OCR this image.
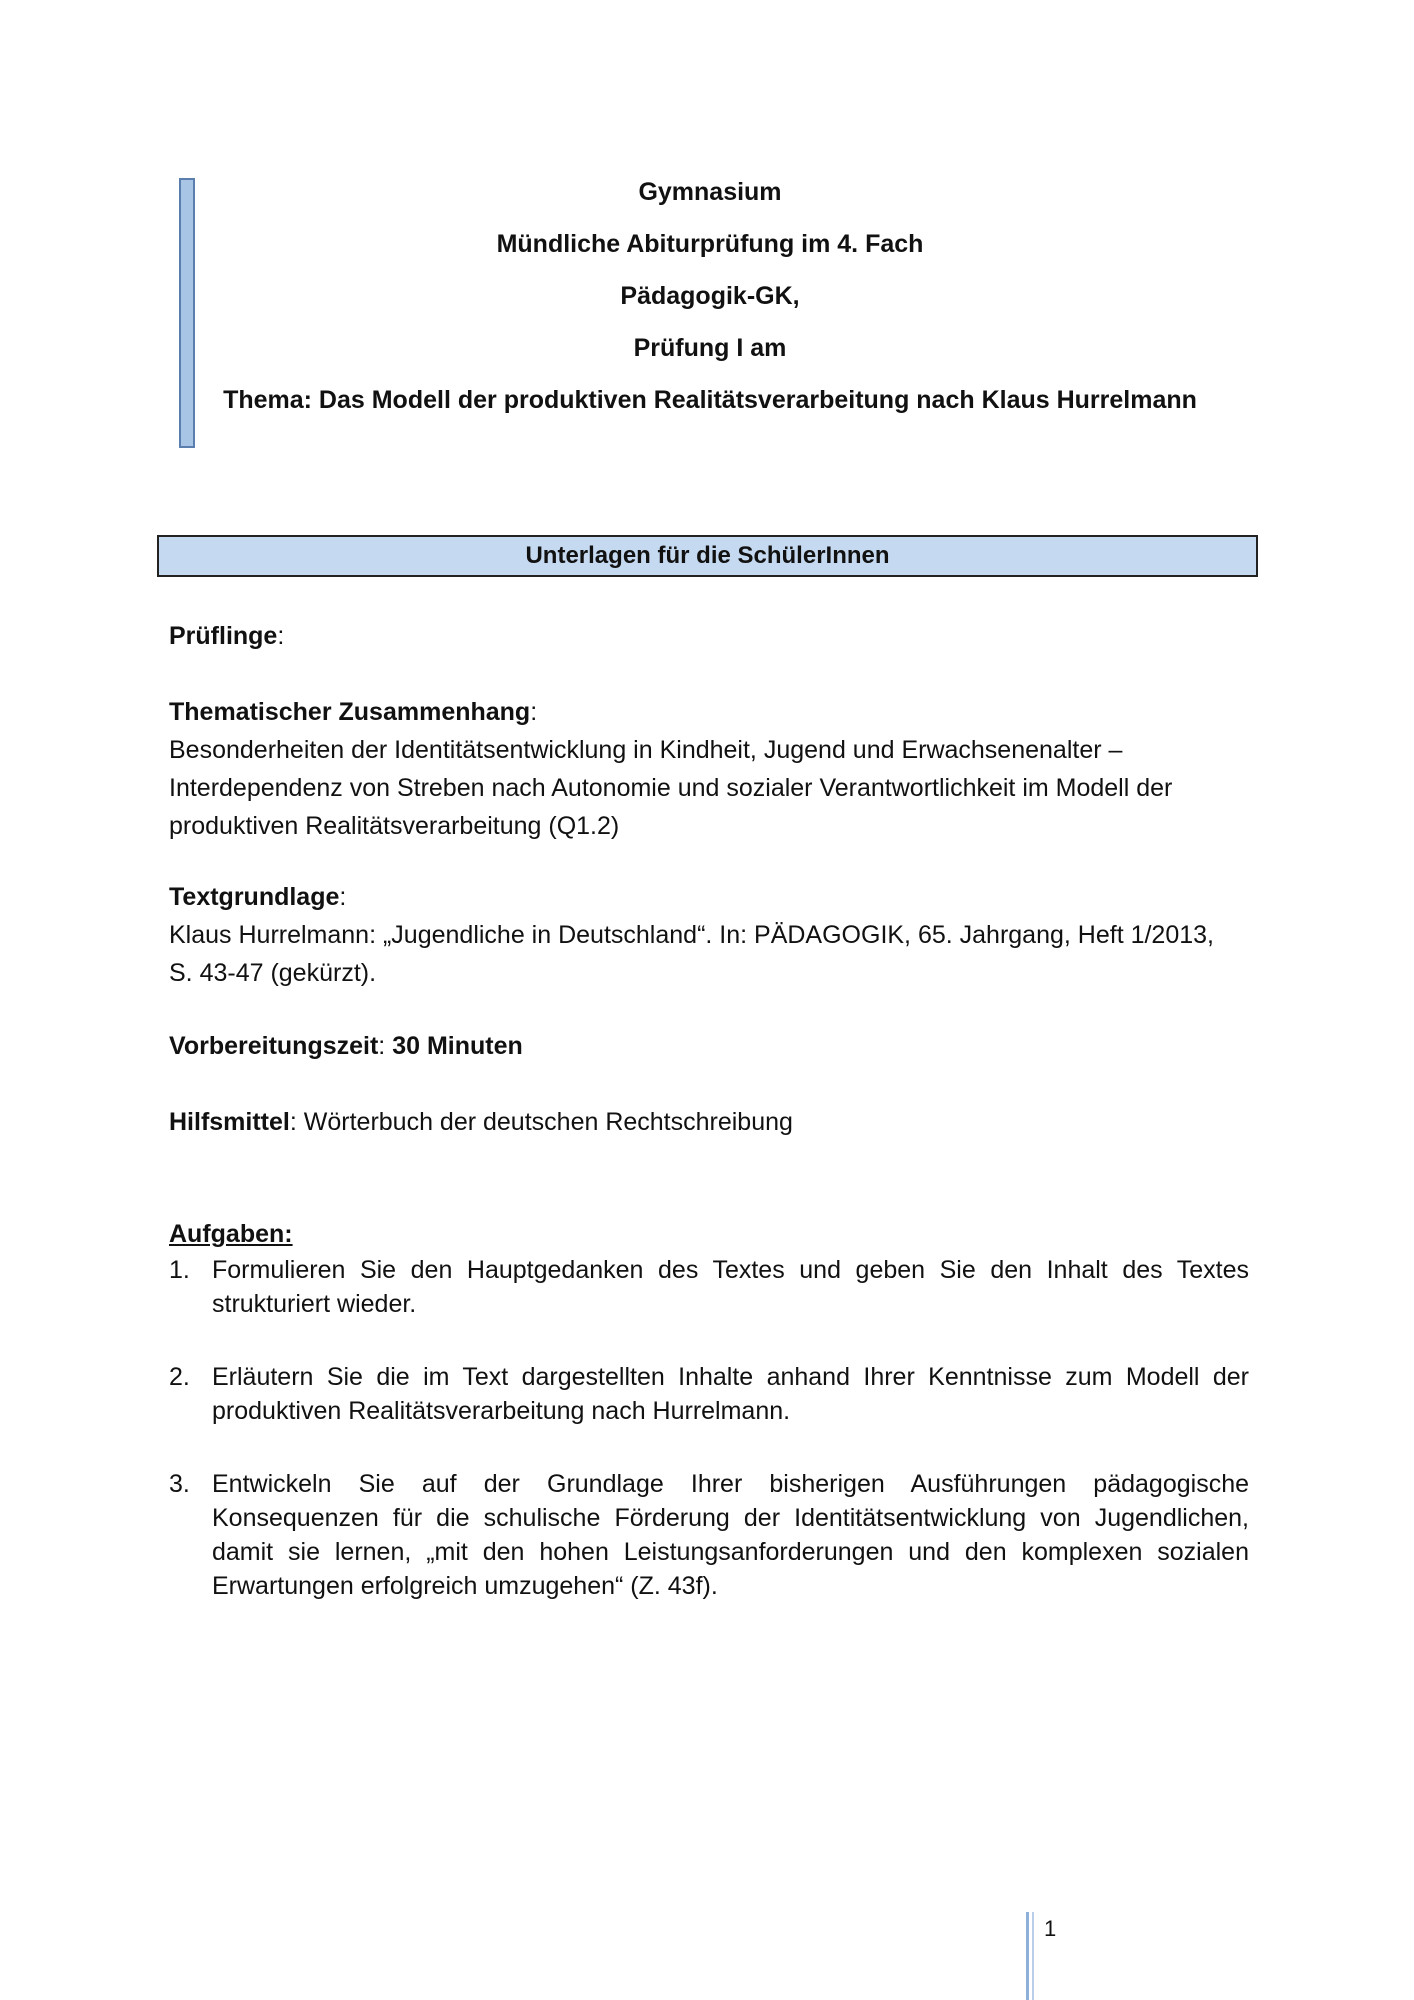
Gymnasium
Mündliche Abiturprüfung im 4. Fach
Pädagogik-GK,
Prüfung I am
Thema: Das Modell der produktiven Realitätsverarbeitung nach Klaus Hurrelmann
Unterlagen für die SchülerInnen
Prüflinge:
Thematischer Zusammenhang:
Besonderheiten der Identitätsentwicklung in Kindheit, Jugend und Erwachsenenalter –
Interdependenz von Streben nach Autonomie und sozialer Verantwortlichkeit im Modell der
produktiven Realitätsverarbeitung (Q1.2)
Textgrundlage:
Klaus Hurrelmann: „Jugendliche in Deutschland“. In: PÄDAGOGIK, 65. Jahrgang, Heft 1/2013,
S. 43-47 (gekürzt).
Vorbereitungszeit: 30 Minuten
Hilfsmittel: Wörterbuch der deutschen Rechtschreibung
Aufgaben:
1. Formulieren Sie den Hauptgedanken des Textes und geben Sie den Inhalt des Textes strukturiert wieder.
2. Erläutern Sie die im Text dargestellten Inhalte anhand Ihrer Kenntnisse zum Modell der produktiven Realitätsverarbeitung nach Hurrelmann.
3. Entwickeln Sie auf der Grundlage Ihrer bisherigen Ausführungen pädagogische Konsequenzen für die schulische Förderung der Identitätsentwicklung von Jugendlichen, damit sie lernen, „mit den hohen Leistungsanforderungen und den komplexen sozialen Erwartungen erfolgreich umzugehen“ (Z. 43f).
1
